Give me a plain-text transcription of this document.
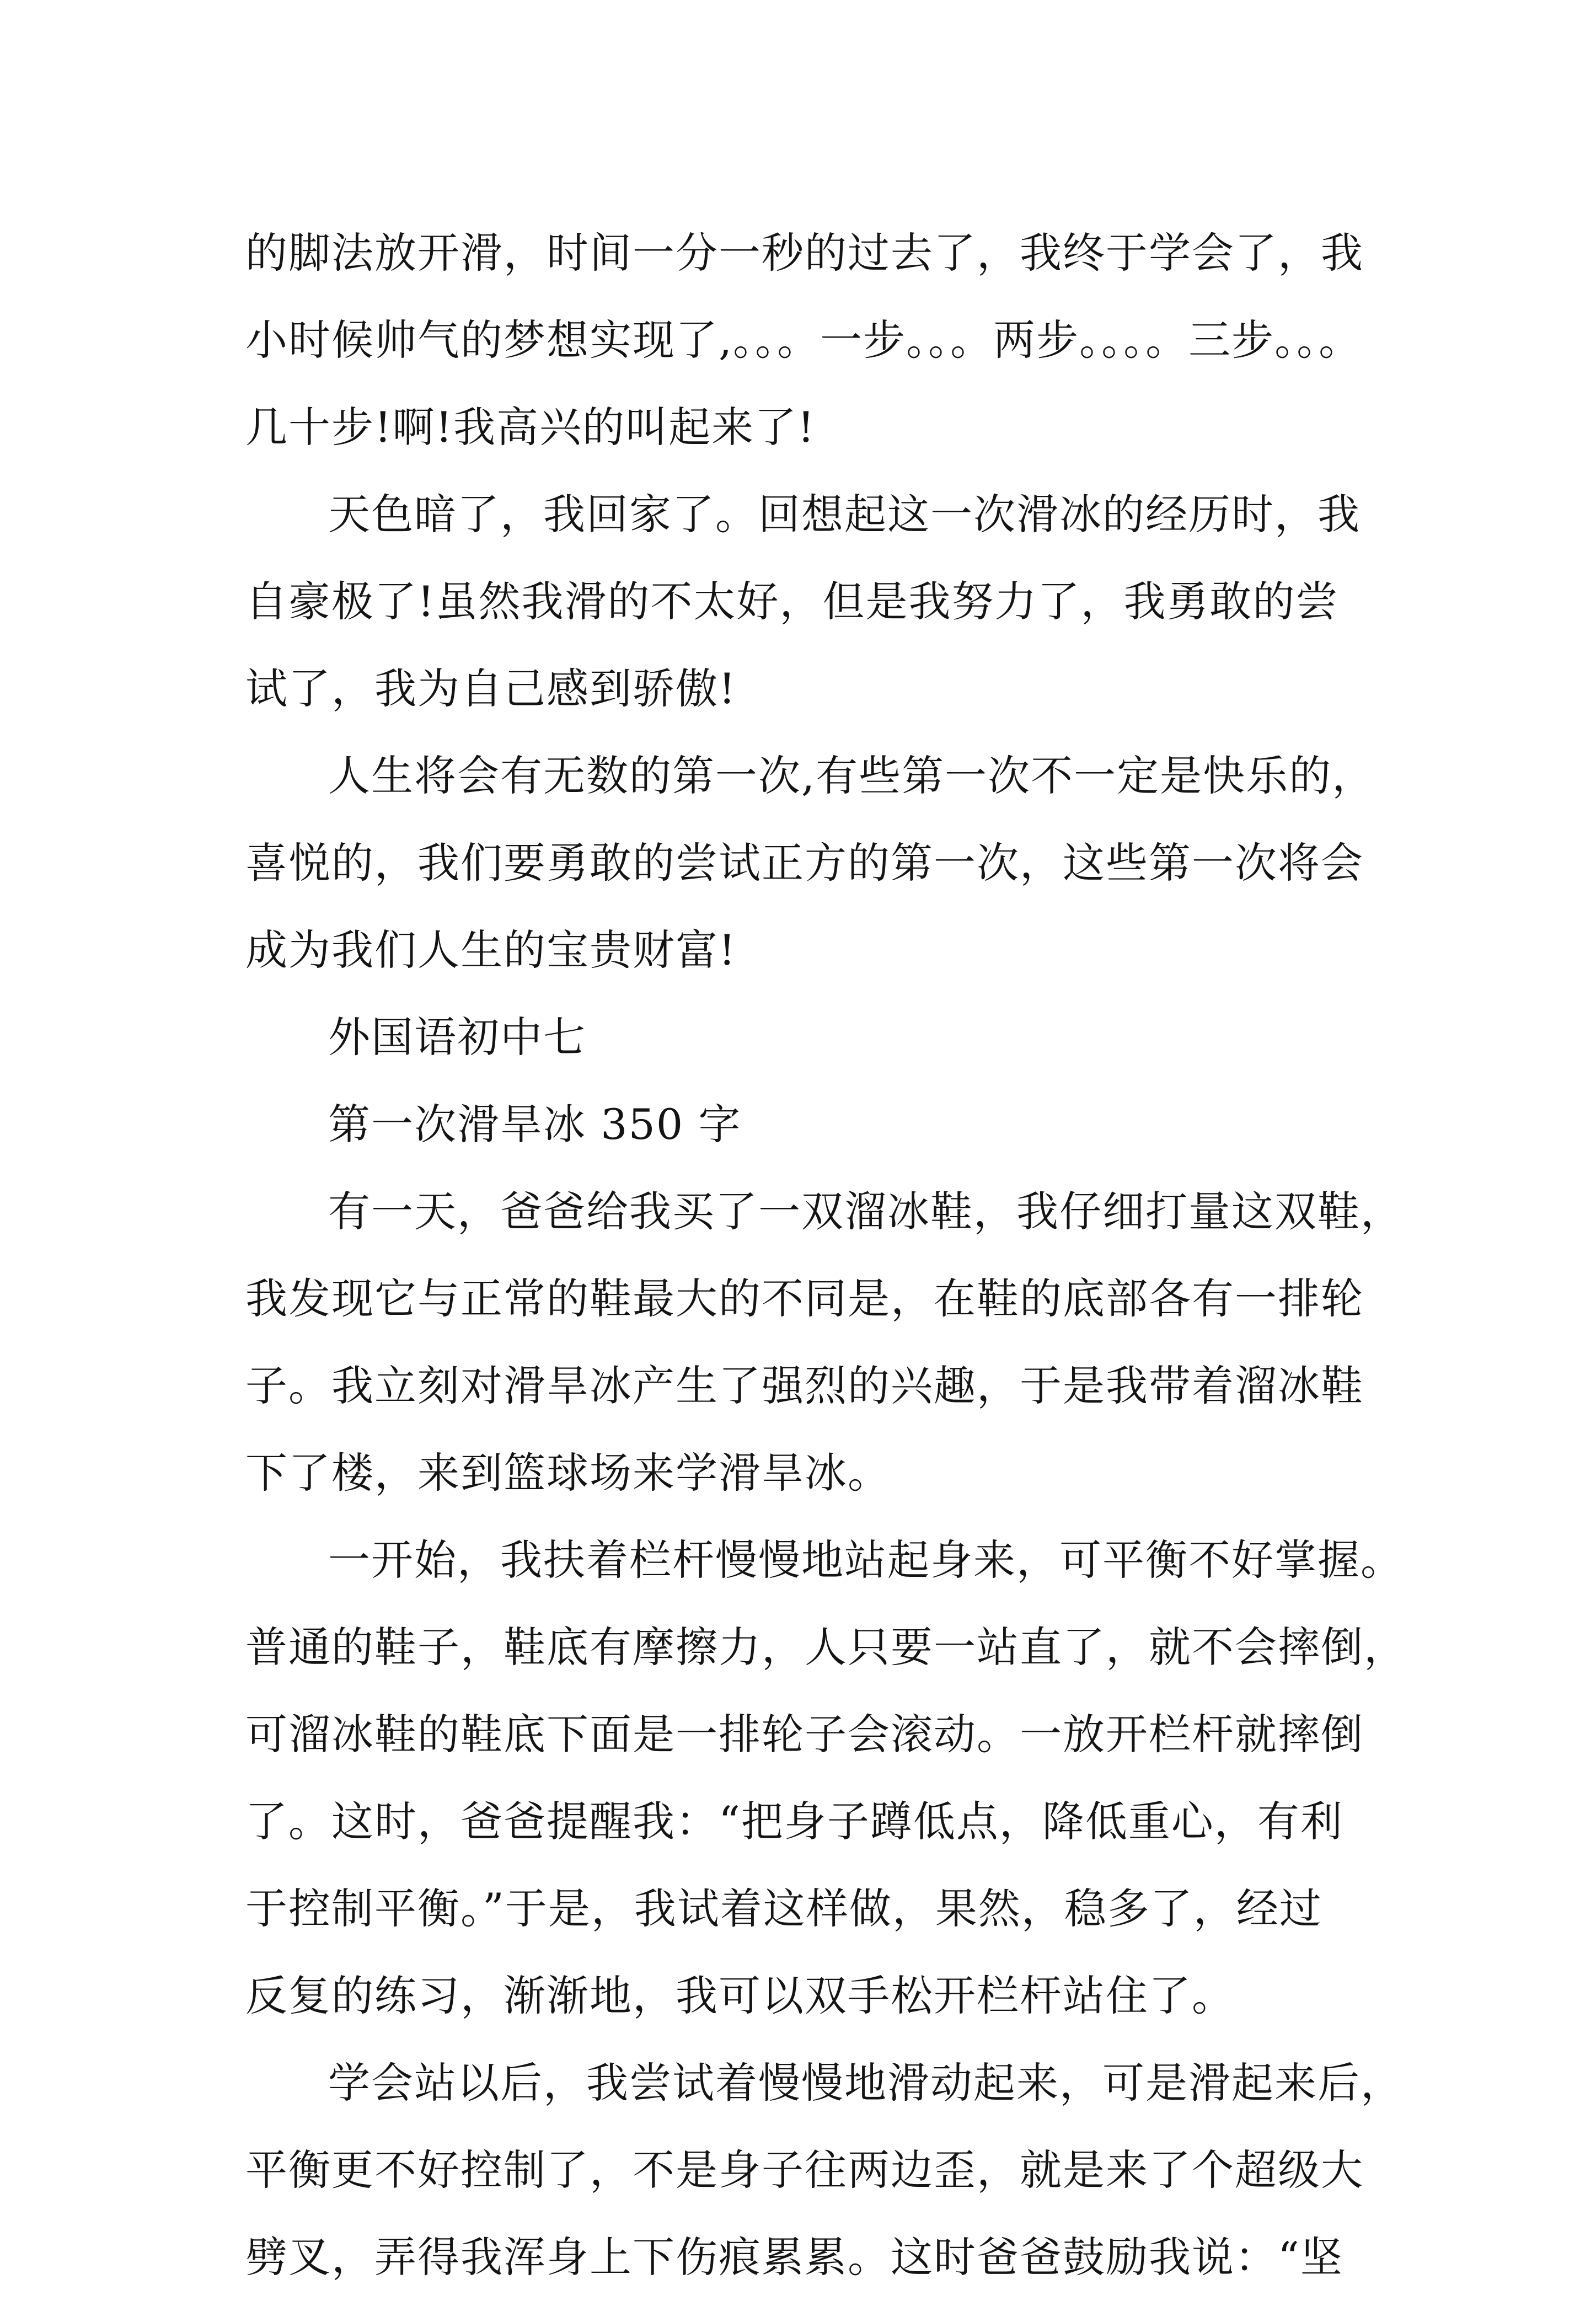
的脚法放开滑，时间一分一秒的过去了，我终于学会了，我
小时候帅气的梦想实现了,。。。一步。。。两步。。。。三步。。。
几十步!啊!我高兴的叫起来了!
天色暗了，我回家了。回想起这一次滑冰的经历时，我
自豪极了!虽然我滑的不太好，但是我努力了，我勇敢的尝
试了，我为自己感到骄傲!
人生将会有无数的第一次,有些第一次不一定是快乐的，
喜悦的，我们要勇敢的尝试正方的第一次，这些第一次将会
成为我们人生的宝贵财富!
外国语初中七
第一次滑旱冰 350 字
有一天，爸爸给我买了一双溜冰鞋，我仔细打量这双鞋，
我发现它与正常的鞋最大的不同是，在鞋的底部各有一排轮
子。我立刻对滑旱冰产生了强烈的兴趣，于是我带着溜冰鞋
下了楼，来到篮球场来学滑旱冰。
一开始，我扶着栏杆慢慢地站起身来，可平衡不好掌握。
普通的鞋子，鞋底有摩擦力，人只要一站直了，就不会摔倒，
可溜冰鞋的鞋底下面是一排轮子会滚动。一放开栏杆就摔倒
了。这时，爸爸提醒我：“把身子蹲低点，降低重心，有利
于控制平衡。”于是，我试着这样做，果然，稳多了，经过
反复的练习，渐渐地，我可以双手松开栏杆站住了。
学会站以后，我尝试着慢慢地滑动起来，可是滑起来后，
平衡更不好控制了，不是身子往两边歪，就是来了个超级大
劈叉，弄得我浑身上下伤痕累累。这时爸爸鼓励我说：“坚
